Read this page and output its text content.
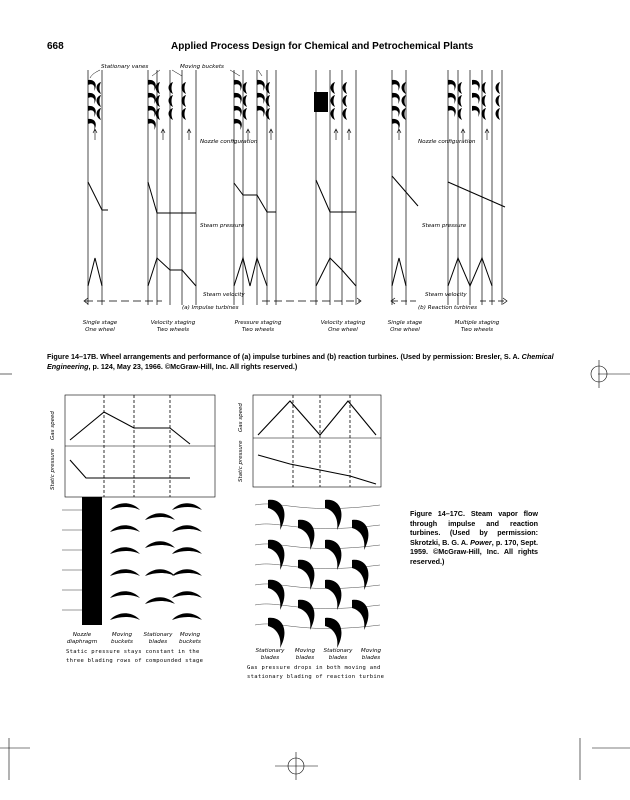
668	Applied Process Design for Chemical and Petrochemical Plants
Stationary vanes	Moving buckets
Nozzle configuration	Nozzle configuration
Steam pressure	Steam pressure
Steam velocity	Steam velocity
(a) Impulse turbines	(b) Reaction turbines
Single stage
One wheel
Velocity staging
Two wheels
Pressure staging
Two wheels
Velocity staging
One wheel
Single stage
One wheel
Multiple staging
Two wheels
Figure 14–17B. Wheel arrangements and performance of (a) impulse turbines and (b) reaction turbines. (Used by permission: Bresler, S. A. Chemical Engineering, p. 124, May 23, 1966. ©McGraw-Hill, Inc. All rights reserved.)
Gas speed
Static pressure
Gas speed
Static pressure
Nozzle
diaphragm
Moving
buckets
Stationary
blades
Moving
buckets
Stationary
blades
Moving
blades
Stationary
blades
Moving
blades
Static pressure stays constant in the
three blading rows of compounded stage
Gas pressure drops in both moving and
stationary blading of reaction turbine
Figure 14–17C. Steam vapor flow through impulse and reaction turbines. (Used by permission: Skrotzki, B. G. A. Power, p. 170, Sept. 1959. ©McGraw-Hill, Inc. All rights reserved.)
